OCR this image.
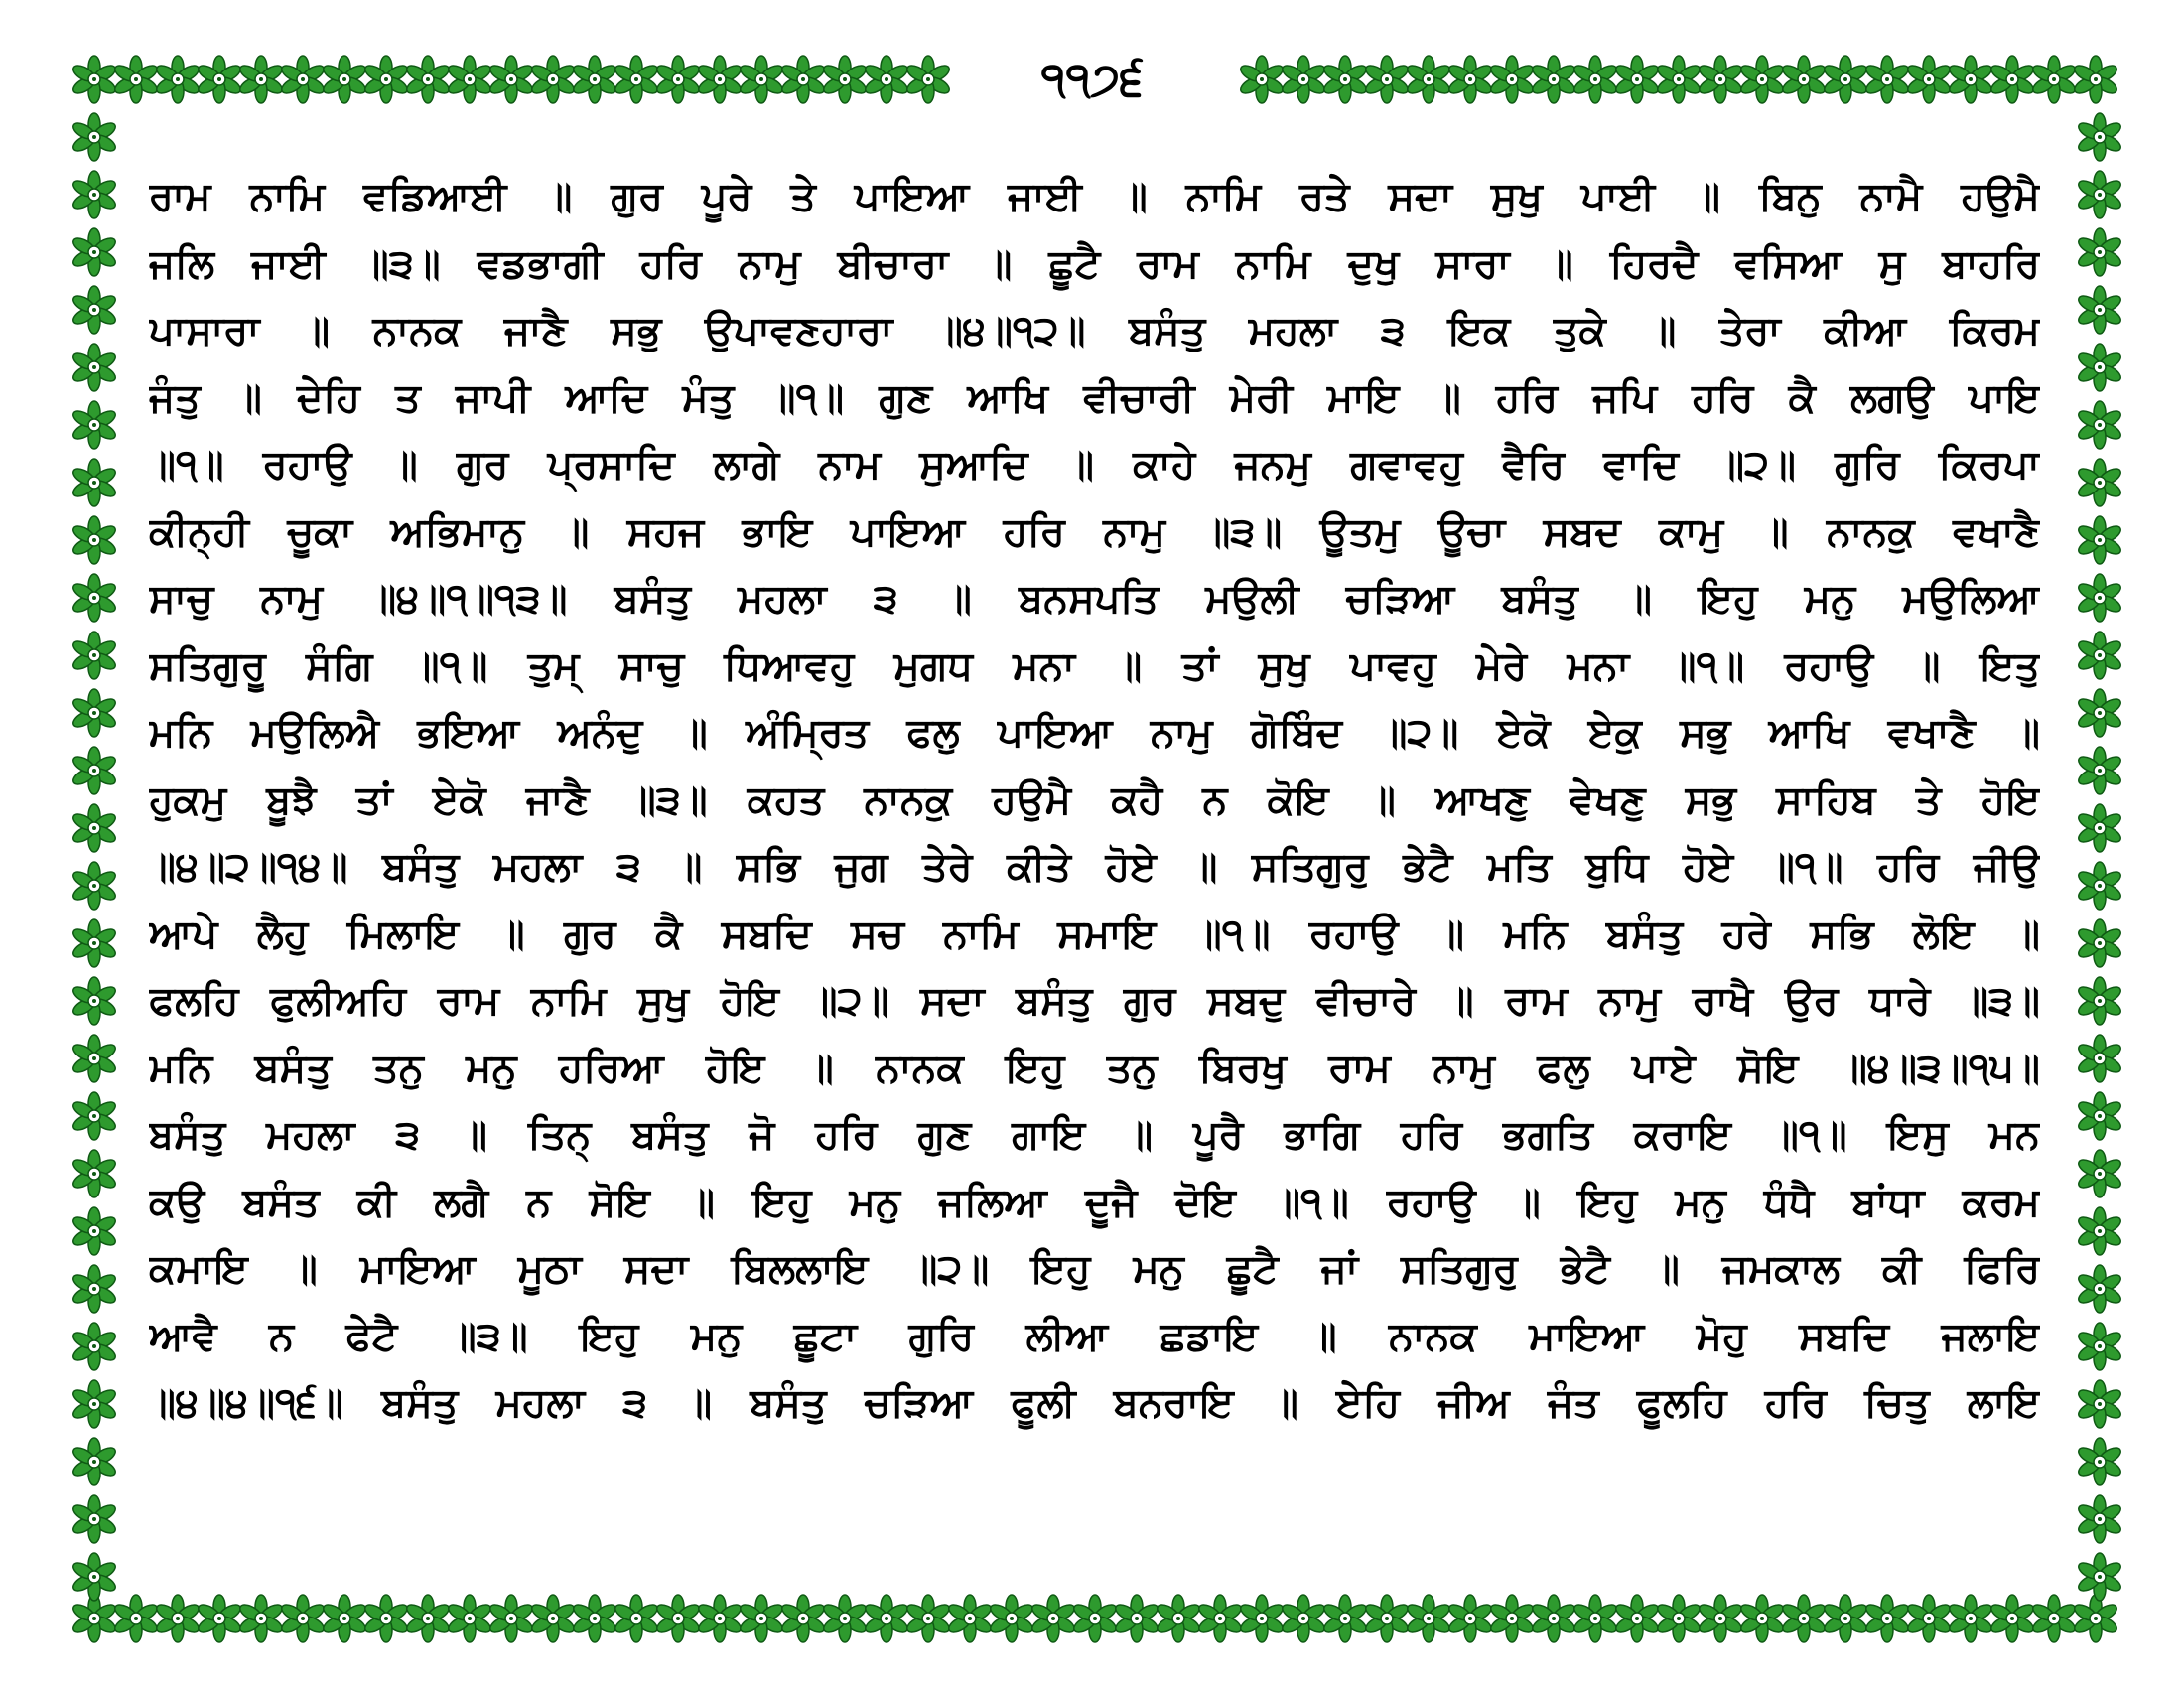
੧੧੭੬
ਰਾਮ ਨਾਮਿ ਵਡਿਆਈ ॥ ਗੁਰ ਪੂਰੇ ਤੇ ਪਾਇਆ ਜਾਈ ॥ ਨਾਮਿ ਰਤੇ ਸਦਾ ਸੁਖੁ ਪਾਈ ॥ ਬਿਨੁ ਨਾਮੈ ਹਉਮੈ
ਜਲਿ ਜਾਈ ॥੩॥ ਵਡਭਾਗੀ ਹਰਿ ਨਾਮੁ ਬੀਚਾਰਾ ॥ ਛੂਟੈ ਰਾਮ ਨਾਮਿ ਦੁਖੁ ਸਾਰਾ ॥ ਹਿਰਦੈ ਵਸਿਆ ਸੁ ਬਾਹਰਿ
ਪਾਸਾਰਾ ॥ ਨਾਨਕ ਜਾਣੈ ਸਭੁ ਉਪਾਵਣਹਾਰਾ ॥੪॥੧੨॥ ਬਸੰਤੁ ਮਹਲਾ ੩ ਇਕ ਤੁਕੇ ॥ ਤੇਰਾ ਕੀਆ ਕਿਰਮ
ਜੰਤੁ ॥ ਦੇਹਿ ਤ ਜਾਪੀ ਆਦਿ ਮੰਤੁ ॥੧॥ ਗੁਣ ਆਖਿ ਵੀਚਾਰੀ ਮੇਰੀ ਮਾਇ ॥ ਹਰਿ ਜਪਿ ਹਰਿ ਕੈ ਲਗਉ ਪਾਇ
॥੧॥ ਰਹਾਉ ॥ ਗੁਰ ਪ੍ਰਸਾਦਿ ਲਾਗੇ ਨਾਮ ਸੁਆਦਿ ॥ ਕਾਹੇ ਜਨਮੁ ਗਵਾਵਹੁ ਵੈਰਿ ਵਾਦਿ ॥੨॥ ਗੁਰਿ ਕਿਰਪਾ
ਕੀਨ੍ਹੀ ਚੂਕਾ ਅਭਿਮਾਨੁ ॥ ਸਹਜ ਭਾਇ ਪਾਇਆ ਹਰਿ ਨਾਮੁ ॥੩॥ ਊਤਮੁ ਊਚਾ ਸਬਦ ਕਾਮੁ ॥ ਨਾਨਕੁ ਵਖਾਣੈ
ਸਾਚੁ ਨਾਮੁ ॥੪॥੧॥੧੩॥ ਬਸੰਤੁ ਮਹਲਾ ੩ ॥ ਬਨਸਪਤਿ ਮਉਲੀ ਚੜਿਆ ਬਸੰਤੁ ॥ ਇਹੁ ਮਨੁ ਮਉਲਿਆ
ਸਤਿਗੁਰੂ ਸੰਗਿ ॥੧॥ ਤੁਮ੍ ਸਾਚੁ ਧਿਆਵਹੁ ਮੁਗਧ ਮਨਾ ॥ ਤਾਂ ਸੁਖੁ ਪਾਵਹੁ ਮੇਰੇ ਮਨਾ ॥੧॥ ਰਹਾਉ ॥ ਇਤੁ
ਮਨਿ ਮਉਲਿਐ ਭਇਆ ਅਨੰਦੁ ॥ ਅੰਮ੍ਰਿਤ ਫਲੁ ਪਾਇਆ ਨਾਮੁ ਗੋਬਿੰਦ ॥੨॥ ਏਕੋ ਏਕੁ ਸਭੁ ਆਖਿ ਵਖਾਣੈ ॥
ਹੁਕਮੁ ਬੂਝੈ ਤਾਂ ਏਕੋ ਜਾਣੈ ॥੩॥ ਕਹਤ ਨਾਨਕੁ ਹਉਮੈ ਕਹੈ ਨ ਕੋਇ ॥ ਆਖਣੁ ਵੇਖਣੁ ਸਭੁ ਸਾਹਿਬ ਤੇ ਹੋਇ
॥੪॥੨॥੧੪॥ ਬਸੰਤੁ ਮਹਲਾ ੩ ॥ ਸਭਿ ਜੁਗ ਤੇਰੇ ਕੀਤੇ ਹੋਏ ॥ ਸਤਿਗੁਰੁ ਭੇਟੈ ਮਤਿ ਬੁਧਿ ਹੋਏ ॥੧॥ ਹਰਿ ਜੀਉ
ਆਪੇ ਲੈਹੁ ਮਿਲਾਇ ॥ ਗੁਰ ਕੈ ਸਬਦਿ ਸਚ ਨਾਮਿ ਸਮਾਇ ॥੧॥ ਰਹਾਉ ॥ ਮਨਿ ਬਸੰਤੁ ਹਰੇ ਸਭਿ ਲੋਇ ॥
ਫਲਹਿ ਫੁਲੀਅਹਿ ਰਾਮ ਨਾਮਿ ਸੁਖੁ ਹੋਇ ॥੨॥ ਸਦਾ ਬਸੰਤੁ ਗੁਰ ਸਬਦੁ ਵੀਚਾਰੇ ॥ ਰਾਮ ਨਾਮੁ ਰਾਖੈ ਉਰ ਧਾਰੇ ॥੩॥
ਮਨਿ ਬਸੰਤੁ ਤਨੁ ਮਨੁ ਹਰਿਆ ਹੋਇ ॥ ਨਾਨਕ ਇਹੁ ਤਨੁ ਬਿਰਖੁ ਰਾਮ ਨਾਮੁ ਫਲੁ ਪਾਏ ਸੋਇ ॥੪॥੩॥੧੫॥
ਬਸੰਤੁ ਮਹਲਾ ੩ ॥ ਤਿਨ੍ ਬਸੰਤੁ ਜੋ ਹਰਿ ਗੁਣ ਗਾਇ ॥ ਪੂਰੈ ਭਾਗਿ ਹਰਿ ਭਗਤਿ ਕਰਾਇ ॥੧॥ ਇਸੁ ਮਨ
ਕਉ ਬਸੰਤ ਕੀ ਲਗੈ ਨ ਸੋਇ ॥ ਇਹੁ ਮਨੁ ਜਲਿਆ ਦੂਜੈ ਦੋਇ ॥੧॥ ਰਹਾਉ ॥ ਇਹੁ ਮਨੁ ਧੰਧੈ ਬਾਂਧਾ ਕਰਮ
ਕਮਾਇ ॥ ਮਾਇਆ ਮੂਠਾ ਸਦਾ ਬਿਲਲਾਇ ॥੨॥ ਇਹੁ ਮਨੁ ਛੂਟੈ ਜਾਂ ਸਤਿਗੁਰੁ ਭੇਟੈ ॥ ਜਮਕਾਲ ਕੀ ਫਿਰਿ
ਆਵੈ ਨ ਫੇਟੈ ॥੩॥ ਇਹੁ ਮਨੁ ਛੂਟਾ ਗੁਰਿ ਲੀਆ ਛਡਾਇ ॥ ਨਾਨਕ ਮਾਇਆ ਮੋਹੁ ਸਬਦਿ ਜਲਾਇ
॥੪॥੪॥੧੬॥ ਬਸੰਤੁ ਮਹਲਾ ੩ ॥ ਬਸੰਤੁ ਚੜਿਆ ਫੂਲੀ ਬਨਰਾਇ ॥ ਏਹਿ ਜੀਅ ਜੰਤ ਫੂਲਹਿ ਹਰਿ ਚਿਤੁ ਲਾਇ
